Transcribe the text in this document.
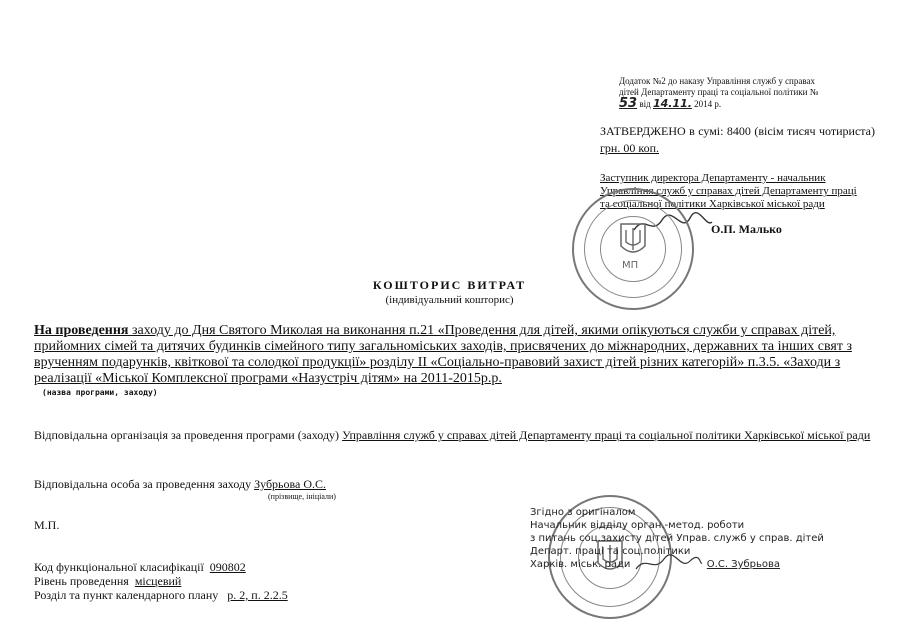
Додаток №2 до наказу Управління служб у справах
дітей Департаменту праці та соціальної політики №
53 від 14.11. 2014 р.
ЗАТВЕРДЖЕНО в сумі: 8400 (вісім тисяч чотириста) грн. 00 коп.
Заступник директора Департаменту - начальник
Управління служб у справах дітей Департаменту праці
та соціальної політики Харківської міської ради
О.П. Малько
МП
КОШТОРИС ВИТРАТ
(індивідуальний кошторис)
На проведення заходу до Дня Святого Миколая на виконання п.21 «Проведення для дітей, якими опікуються служби у справах дітей, прийомних сімей та дитячих будинків сімейного типу загальноміських заходів, присвячених до міжнародних, державних та інших свят з врученням подарунків, квіткової та солодкої продукції» розділу ІІ «Соціально-правовий захист дітей різних категорій» п.3.5. «Заходи з реалізації «Міської Комплексної програми «Назустріч дітям» на 2011-2015р.р.
(назва програми, заходу)
Відповідальна організація за проведення програми (заходу) Управління служб у справах дітей Департаменту праці та соціальної політики Харківської міської ради
Відповідальна особа за проведення заходу Зубрьова О.С.
(прізвище, ініціали)
М.П.
Код функціональної класифікації 090802
Рівень проведення місцевий
Розділ та пункт календарного плану р. 2, п. 2.2.5
Згідно з оригіналом
Начальник відділу орган.-метод. роботи
з питань соц.захисту дітей Управ. служб у справ. дітей
Департ. праці та соц.політики
Харків. міськ. ради	О.С. Зубрьова
